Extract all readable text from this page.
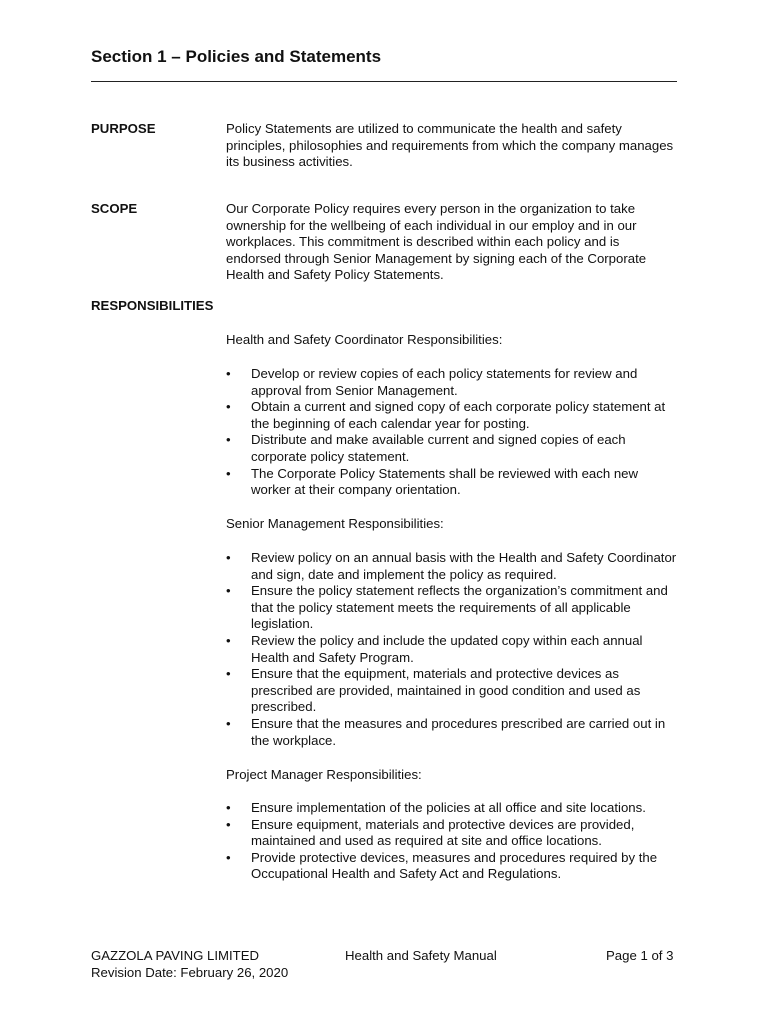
Section 1 – Policies and Statements

PURPOSE	Policy Statements are utilized to communicate the health and safety principles, philosophies and requirements from which the company manages its business activities.

SCOPE	Our Corporate Policy requires every person in the organization to take ownership for the wellbeing of each individual in our employ and in our workplaces. This commitment is described within each policy and is endorsed through Senior Management by signing each of the Corporate Health and Safety Policy Statements.

RESPONSIBILITIES

Health and Safety Coordinator Responsibilities:

•	Develop or review copies of each policy statements for review and approval from Senior Management.
•	Obtain a current and signed copy of each corporate policy statement at the beginning of each calendar year for posting.
•	Distribute and make available current and signed copies of each corporate policy statement.
•	The Corporate Policy Statements shall be reviewed with each new worker at their company orientation.

Senior Management Responsibilities:

•	Review policy on an annual basis with the Health and Safety Coordinator and sign, date and implement the policy as required.
•	Ensure the policy statement reflects the organization’s commitment and that the policy statement meets the requirements of all applicable legislation.
•	Review the policy and include the updated copy within each annual Health and Safety Program.
•	Ensure that the equipment, materials and protective devices as prescribed are provided, maintained in good condition and used as prescribed.
•	Ensure that the measures and procedures prescribed are carried out in the workplace.

Project Manager Responsibilities:

•	Ensure implementation of the policies at all office and site locations.
•	Ensure equipment, materials and protective devices are provided, maintained and used as required at site and office locations.
•	Provide protective devices, measures and procedures required by the Occupational Health and Safety Act and Regulations.
GAZZOLA PAVING LIMITED
Revision Date: February 26, 2020
Health and Safety Manual	Page 1 of 3
